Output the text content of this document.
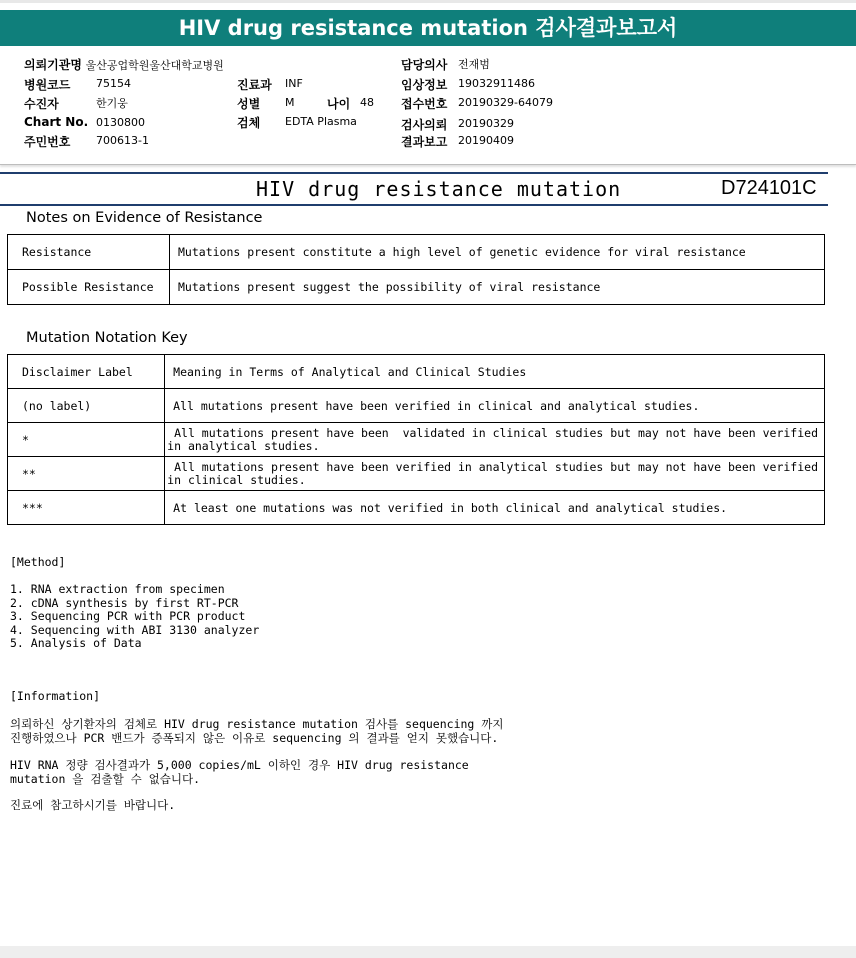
HIV drug resistance mutation 검사결과보고서
의뢰기관명 울산공업학원울산대학교병원
병원코드 75154
수진자	한기웅
Chart No. 0130800
주민번호 700613-1
진료과 INF
성별 M	나이 48
검체 EDTA Plasma
담당의사 전재범
임상정보 19032911486
접수번호 20190329-64079
검사의뢰 20190329
결과보고 20190409
HIV drug resistance mutation	D724101C
Notes on Evidence of Resistance
Resistance	Mutations present constitute a high level of genetic evidence for viral resistance
Possible Resistance	Mutations present suggest the possibility of viral resistance
Mutation Notation Key
Disclaimer Label	Meaning in Terms of Analytical and Clinical Studies
(no label)	All mutations present have been verified in clinical and analytical studies.
*	All mutations present have been  validated in clinical studies but may not have been verified
in analytical studies.
**	All mutations present have been verified in analytical studies but may not have been verified
in clinical studies.
***	At least one mutations was not verified in both clinical and analytical studies.
[Method]
1. RNA extraction from specimen
2. cDNA synthesis by first RT-PCR
3. Sequencing PCR with PCR product
4. Sequencing with ABI 3130 analyzer
5. Analysis of Data
[Information]
의뢰하신 상기환자의 검체로 HIV drug resistance mutation 검사를 sequencing 까지
진행하였으나 PCR 밴드가 증폭되지 않은 이유로 sequencing 의 결과를 얻지 못했습니다.
HIV RNA 정량 검사결과가 5,000 copies/mL 이하인 경우 HIV drug resistance
mutation 을 검출할 수 없습니다.
진료에 참고하시기를 바랍니다.
